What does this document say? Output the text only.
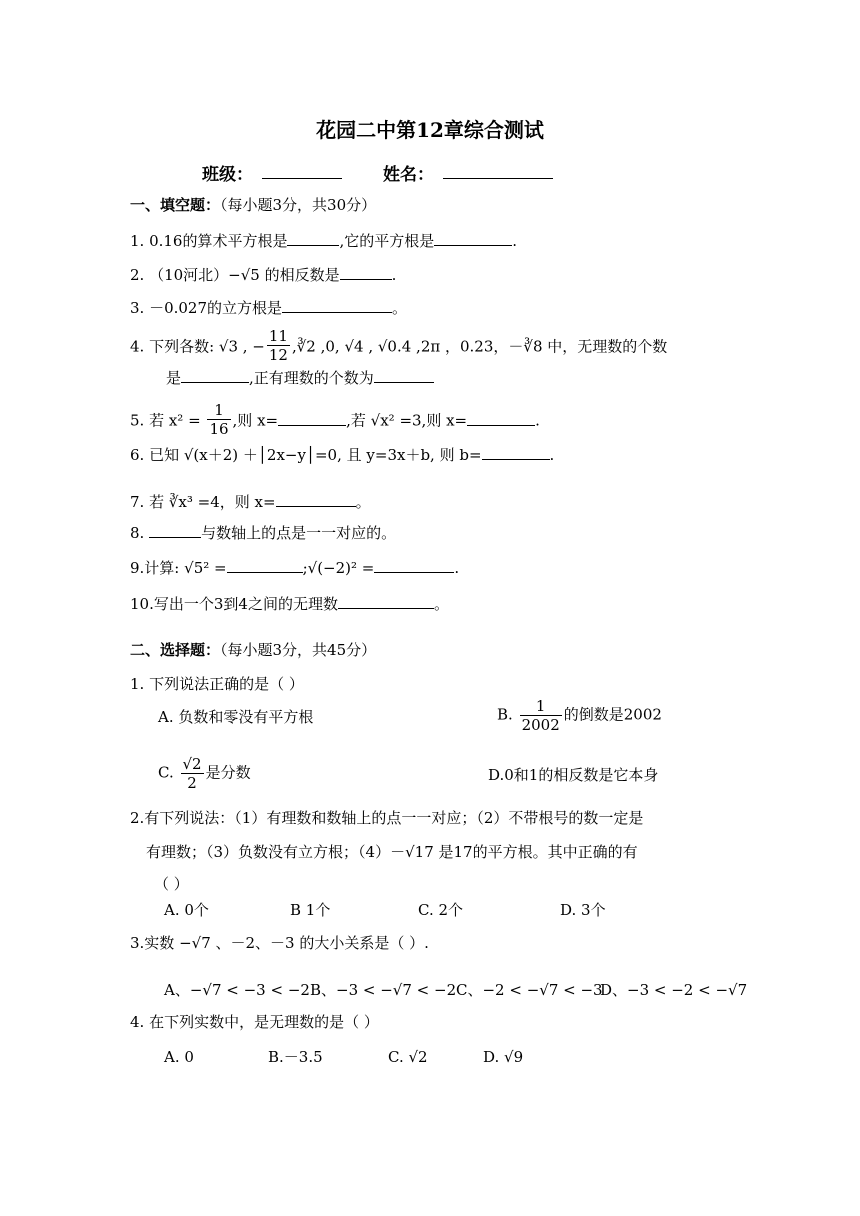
花园二中第12章综合测试
班级：	姓名：
一、填空题：（每小题3分，共30分）
1. 0.16的算术平方根是	,它的平方根是	.
2. （10河北）−√5 的相反数是	.
3. －0.027的立方根是	。
4. 下列各数: √3 , − $\frac{11}{12}$ ,∛2 ,0, √4 , √0.4 ,2π ，0.23，－∛8 中，无理数的个数
是	,正有理数的个数为
5. 若 $x^2 = \frac{1}{16}$ ,则 x=	,若 √x² =3,则 x=	.
6. 已知 √(x＋2) ＋│2x−y│=0, 且 y=3x＋b, 则 b=	.
7. 若 ∛x³ =4，则 x=	。
8.	与数轴上的点是一一对应的。
9.计算: √5² =	;√(−2)² =	.
10.写出一个3到4之间的无理数	。
二、选择题：（每小题3分，共45分）
1. 下列说法正确的是（ ）
A. 负数和零没有平方根	B. $\frac{1}{2002}$ 的倒数是2002
C. $\frac{√2}{2}$ 是分数	D.0和1的相反数是它本身
2.有下列说法：（1）有理数和数轴上的点一一对应；（2）不带根号的数一定是
有理数；（3）负数没有立方根；（4）－√17 是17的平方根。其中正确的有
（ ）
A. 0个	B 1个	C. 2个	D. 3个
3.实数 −√7 、－2、－3 的大小关系是（ ）.
A、−√7 < −3 < −2 B、−3 < −√7 < −2 C、−2 < −√7 < −3
D、−3 < −2 < −√7
4. 在下列实数中，是无理数的是（ ）
A. 0	B.－3.5	C. √2	D. √9
